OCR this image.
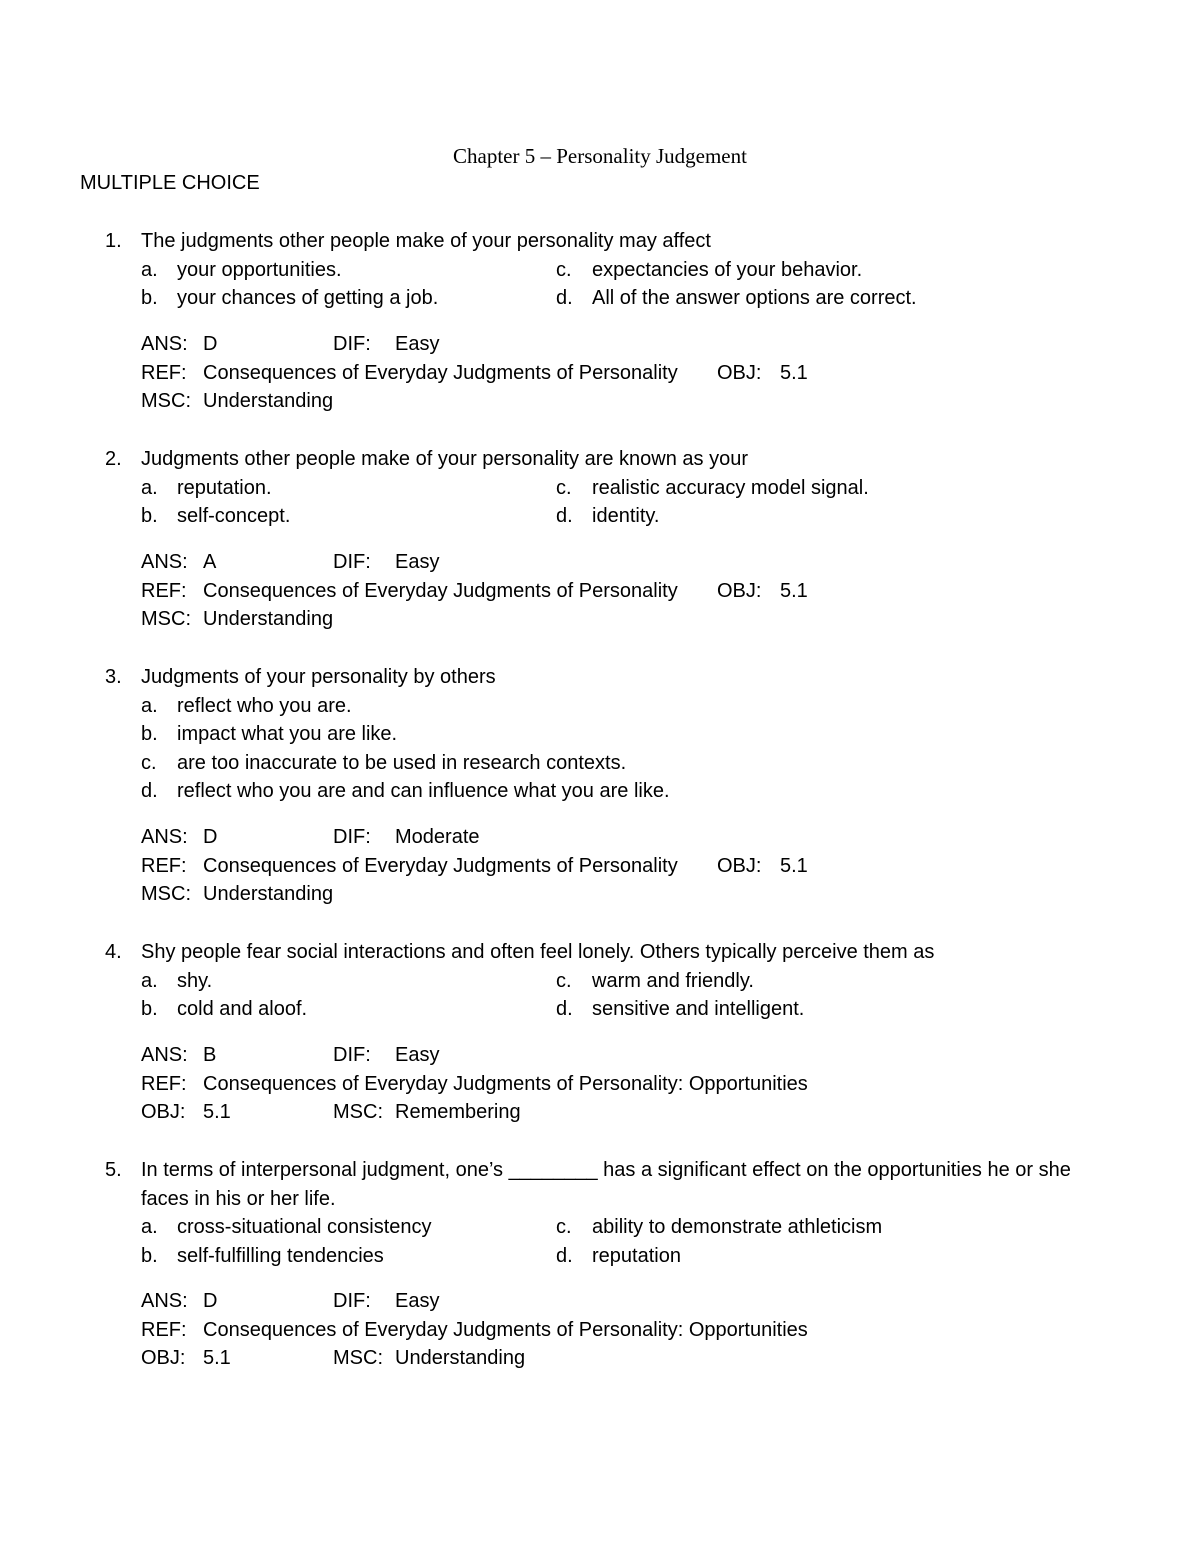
Chapter 5 – Personality Judgement
MULTIPLE CHOICE
1. The judgments other people make of your personality may affect
a. your opportunities.	c. expectancies of your behavior.
b. your chances of getting a job.	d. All of the answer options are correct.
ANS: D	DIF: Easy
REF: Consequences of Everyday Judgments of Personality OBJ: 5.1
MSC: Understanding
2. Judgments other people make of your personality are known as your
a. reputation.	c. realistic accuracy model signal.
b. self-concept.	d. identity.
ANS: A	DIF: Easy
REF: Consequences of Everyday Judgments of Personality OBJ: 5.1
MSC: Understanding
3. Judgments of your personality by others
a. reflect who you are.
b. impact what you are like.
c. are too inaccurate to be used in research contexts.
d. reflect who you are and can influence what you are like.
ANS: D	DIF: Moderate
REF: Consequences of Everyday Judgments of Personality OBJ: 5.1
MSC: Understanding
4. Shy people fear social interactions and often feel lonely. Others typically perceive them as
a. shy.	c. warm and friendly.
b. cold and aloof.	d. sensitive and intelligent.
ANS: B	DIF: Easy
REF: Consequences of Everyday Judgments of Personality: Opportunities
OBJ: 5.1	MSC: Remembering
5. In terms of interpersonal judgment, one’s ________ has a significant effect on the opportunities he or she faces in his or her life.
a. cross-situational consistency	c. ability to demonstrate athleticism
b. self-fulfilling tendencies	d. reputation
ANS: D	DIF: Easy
REF: Consequences of Everyday Judgments of Personality: Opportunities
OBJ: 5.1	MSC: Understanding
